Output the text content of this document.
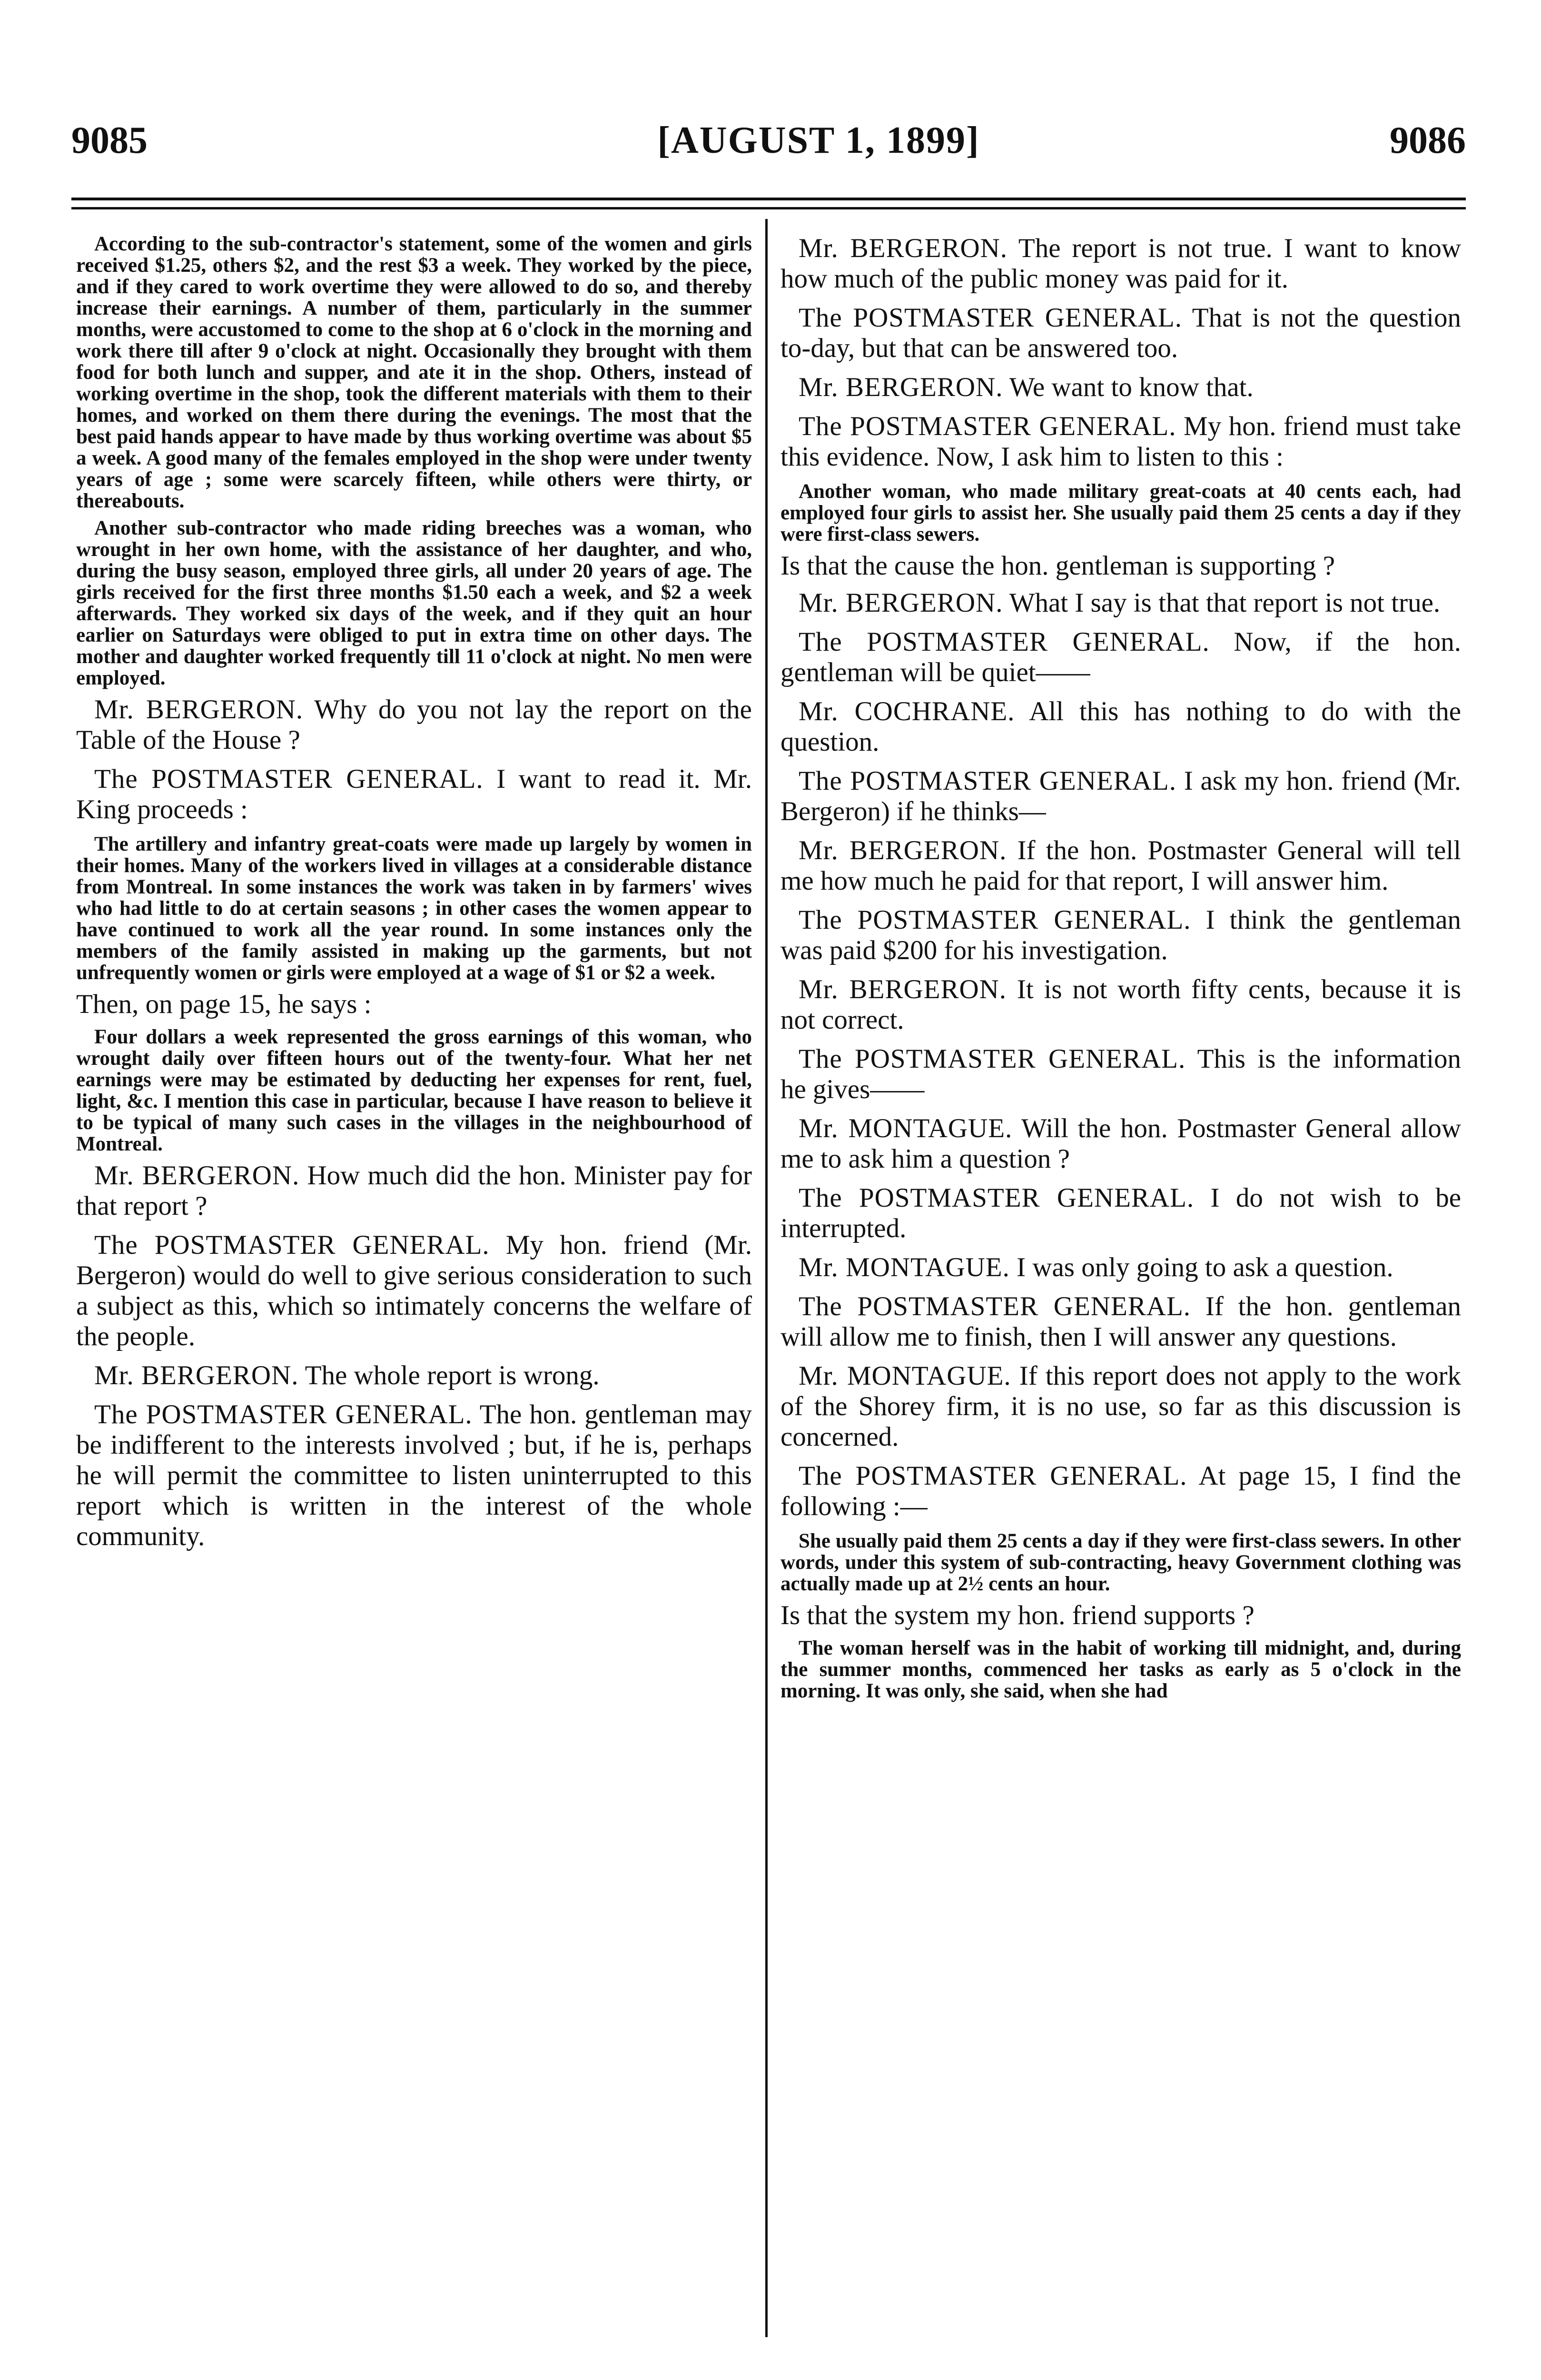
9085	[AUGUST 1, 1899]	9086

According to the sub-contractor's statement, some of the women and girls received $1.25, others $2, and the rest $3 a week. They worked by the piece, and if they cared to work overtime they were allowed to do so, and thereby increase their earnings. A number of them, particularly in the summer months, were accustomed to come to the shop at 6 o'clock in the morning and work there till after 9 o'clock at night. Occasionally they brought with them food for both lunch and supper, and ate it in the shop. Others, instead of working overtime in the shop, took the different materials with them to their homes, and worked on them there during the evenings. The most that the best paid hands appear to have made by thus working overtime was about $5 a week. A good many of the females employed in the shop were under twenty years of age ; some were scarcely fifteen, while others were thirty, or thereabouts.

Another sub-contractor who made riding breeches was a woman, who wrought in her own home, with the assistance of her daughter, and who, during the busy season, employed three girls, all under 20 years of age. The girls received for the first three months $1.50 each a week, and $2 a week afterwards. They worked six days of the week, and if they quit an hour earlier on Saturdays were obliged to put in extra time on other days. The mother and daughter worked frequently till 11 o'clock at night. No men were employed.

Mr. BERGERON. Why do you not lay the report on the Table of the House ?

The POSTMASTER GENERAL. I want to read it. Mr. King proceeds :

The artillery and infantry great-coats were made up largely by women in their homes. Many of the workers lived in villages at a considerable distance from Montreal. In some instances the work was taken in by farmers' wives who had little to do at certain seasons ; in other cases the women appear to have continued to work all the year round. In some instances only the members of the family assisted in making up the garments, but not unfrequently women or girls were employed at a wage of $1 or $2 a week.

Then, on page 15, he says :

Four dollars a week represented the gross earnings of this woman, who wrought daily over fifteen hours out of the twenty-four. What her net earnings were may be estimated by deducting her expenses for rent, fuel, light, &c. I mention this case in particular, because I have reason to believe it to be typical of many such cases in the villages in the neighbourhood of Montreal.

Mr. BERGERON. How much did the hon. Minister pay for that report ?

The POSTMASTER GENERAL. My hon. friend (Mr. Bergeron) would do well to give serious consideration to such a subject as this, which so intimately concerns the welfare of the people.

Mr. BERGERON. The whole report is wrong.

The POSTMASTER GENERAL. The hon. gentleman may be indifferent to the interests involved ; but, if he is, perhaps he will permit the committee to listen uninterrupted to this report which is written in the interest of the whole community.

Mr. BERGERON. The report is not true. I want to know how much of the public money was paid for it.

The POSTMASTER GENERAL. That is not the question to-day, but that can be answered too.

Mr. BERGERON. We want to know that.

The POSTMASTER GENERAL. My hon. friend must take this evidence. Now, I ask him to listen to this :

Another woman, who made military great-coats at 40 cents each, had employed four girls to assist her. She usually paid them 25 cents a day if they were first-class sewers.

Is that the cause the hon. gentleman is supporting ?

Mr. BERGERON. What I say is that that report is not true.

The POSTMASTER GENERAL. Now, if the hon. gentleman will be quiet——

Mr. COCHRANE. All this has nothing to do with the question.

The POSTMASTER GENERAL. I ask my hon. friend (Mr. Bergeron) if he thinks—

Mr. BERGERON. If the hon. Postmaster General will tell me how much he paid for that report, I will answer him.

The POSTMASTER GENERAL. I think the gentleman was paid $200 for his investigation.

Mr. BERGERON. It is not worth fifty cents, because it is not correct.

The POSTMASTER GENERAL. This is the information he gives——

Mr. MONTAGUE. Will the hon. Postmaster General allow me to ask him a question ?

The POSTMASTER GENERAL. I do not wish to be interrupted.

Mr. MONTAGUE. I was only going to ask a question.

The POSTMASTER GENERAL. If the hon. gentleman will allow me to finish, then I will answer any questions.

Mr. MONTAGUE. If this report does not apply to the work of the Shorey firm, it is no use, so far as this discussion is concerned.

The POSTMASTER GENERAL. At page 15, I find the following :—

She usually paid them 25 cents a day if they were first-class sewers. In other words, under this system of sub-contracting, heavy Government clothing was actually made up at 2½ cents an hour.

Is that the system my hon. friend supports ?

The woman herself was in the habit of working till midnight, and, during the summer months, commenced her tasks as early as 5 o'clock in the morning. It was only, she said, when she had
